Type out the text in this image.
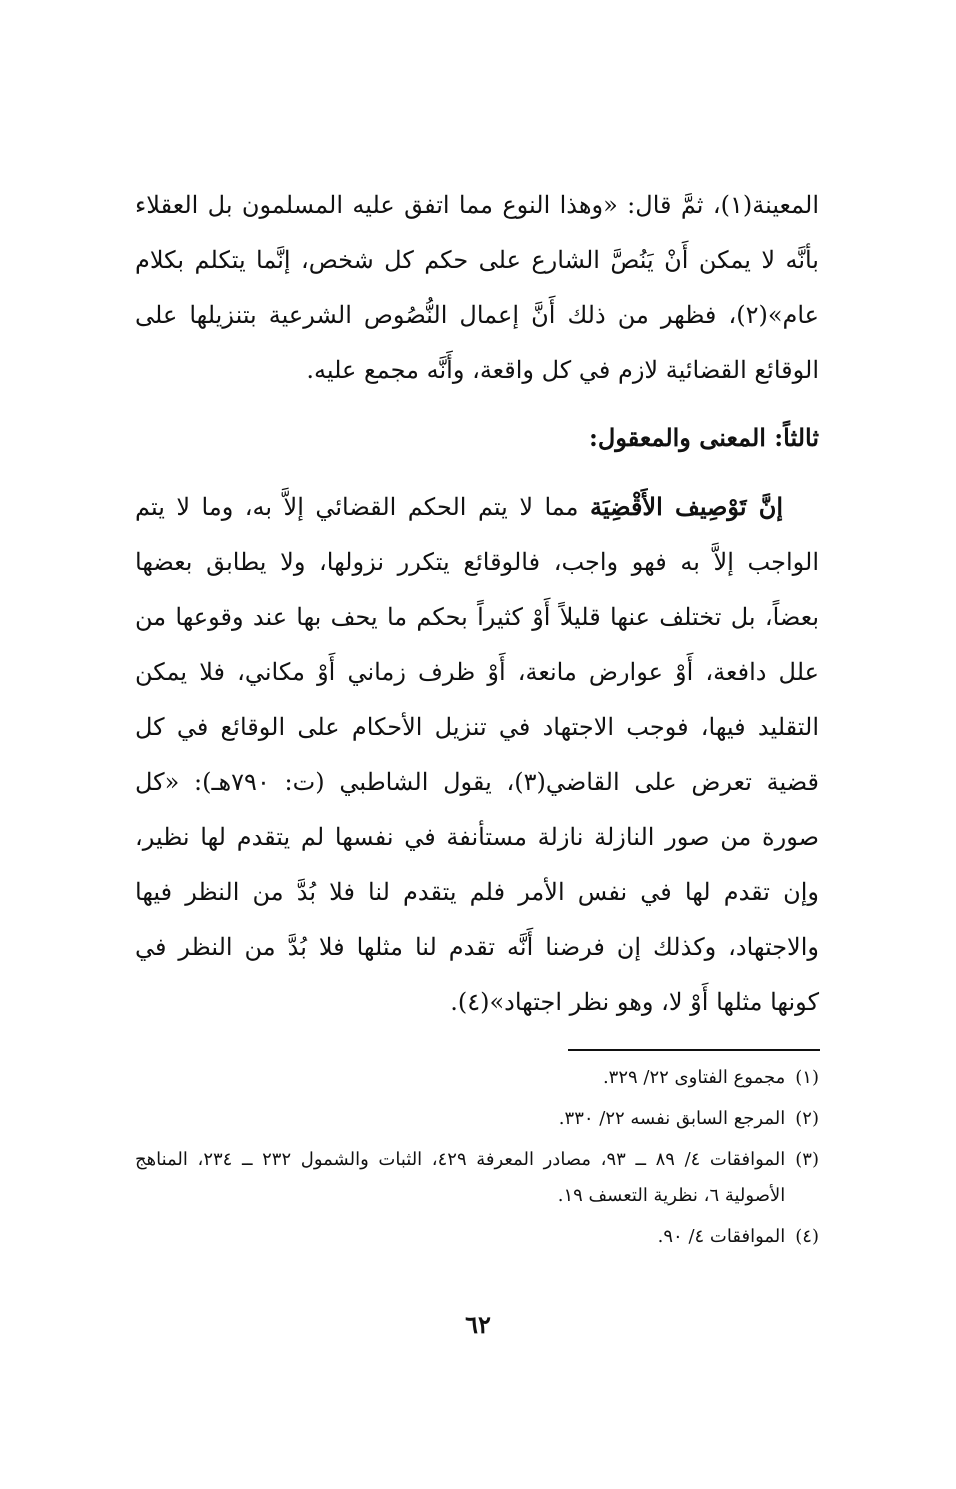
المعينة(١)، ثمَّ قال: «وهذا النوع مما اتفق عليه المسلمون بل العقلاء بأنَّه لا يمكن أَنْ يَنُصَّ الشارع على حكم كل شخص، إنَّما يتكلم بكلام عام»(٢)، فظهر من ذلك أَنَّ إعمال النُّصُوص الشرعية بتنزيلها على الوقائع القضائية لازم في كل واقعة، وأَنَّه مجمع عليه.
ثالثاً: المعنى والمعقول:
إنَّ تَوْصِيف الأَقْضِيَة مما لا يتم الحكم القضائي إلاَّ به، وما لا يتم الواجب إلاَّ به فهو واجب، فالوقائع يتكرر نزولها، ولا يطابق بعضها بعضاً، بل تختلف عنها قليلاً أَوْ كثيراً بحكم ما يحف بها عند وقوعها من علل دافعة، أَوْ عوارض مانعة، أَوْ ظرف زماني أَوْ مكاني، فلا يمكن التقليد فيها، فوجب الاجتهاد في تنزيل الأحكام على الوقائع في كل قضية تعرض على القاضي(٣)، يقول الشاطبي (ت: ٧٩٠هـ): «كل صورة من صور النازلة نازلة مستأنفة في نفسها لم يتقدم لها نظير، وإن تقدم لها في نفس الأمر فلم يتقدم لنا فلا بُدَّ من النظر فيها والاجتهاد، وكذلك إن فرضنا أَنَّه تقدم لنا مثلها فلا بُدَّ من النظر في كونها مثلها أَوْ لا، وهو نظر اجتهاد»(٤).
(١)
مجموع الفتاوى ٢٢/ ٣٢٩.
(٢)
المرجع السابق نفسه ٢٢/ ٣٣٠.
(٣)
الموافقات ٤/ ٨٩ ــ ٩٣، مصادر المعرفة ٤٢٩، الثبات والشمول ٢٣٢ ــ ٢٣٤، المناهج الأصولية ٦، نظرية التعسف ١٩.
(٤)
الموافقات ٤/ ٩٠.
٦٢
